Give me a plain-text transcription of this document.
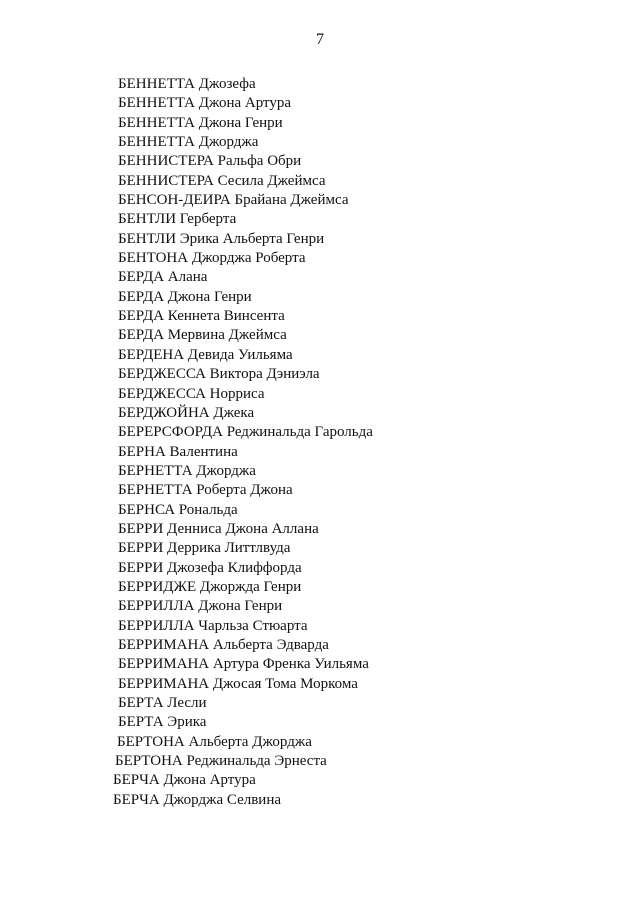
7
БЕННЕТТА Джозефа
БЕННЕТТА Джона Артура
БЕННЕТТА Джона Генри
БЕННЕТТА Джорджа
БЕННИСТЕРА Ральфа Обри
БЕННИСТЕРА Сесила Джеймса
БЕНСОН-ДЕИРА Брайана Джеймса
БЕНТЛИ Герберта
БЕНТЛИ Эрика Альберта Генри
БЕНТОНА Джорджа Роберта
БЕРДА Алана
БЕРДА Джона Генри
БЕРДА Кеннета Винсента
БЕРДА Мервина Джеймса
БЕРДЕНА Девида Уильяма
БЕРДЖЕССА Виктора Дэниэла
БЕРДЖЕССА Норриса
БЕРДЖОЙНА Джека
БЕРЕРСФОРДА Реджинальда Гарольда
БЕРНА Валентина
БЕРНЕТТА Джорджа
БЕРНЕТТА Роберта Джона
БЕРНСА Рональда
БЕРРИ Денниса Джона Аллана
БЕРРИ Деррика Литтлвуда
БЕРРИ Джозефа Клиффорда
БЕРРИДЖЕ Джоржда Генри
БЕРРИЛЛА Джона Генри
БЕРРИЛЛА Чарльза Стюарта
БЕРРИМАНА Альберта Эдварда
БЕРРИМАНА Артура Френка Уильяма
БЕРРИМАНА Джосая Тома Моркома
БЕРТА Лесли
БЕРТА Эрика
БЕРТОНА Альберта Джорджа
БЕРТОНА Реджинальда Эрнеста
БЕРЧА Джона Артура
БЕРЧА Джорджа Селвина
